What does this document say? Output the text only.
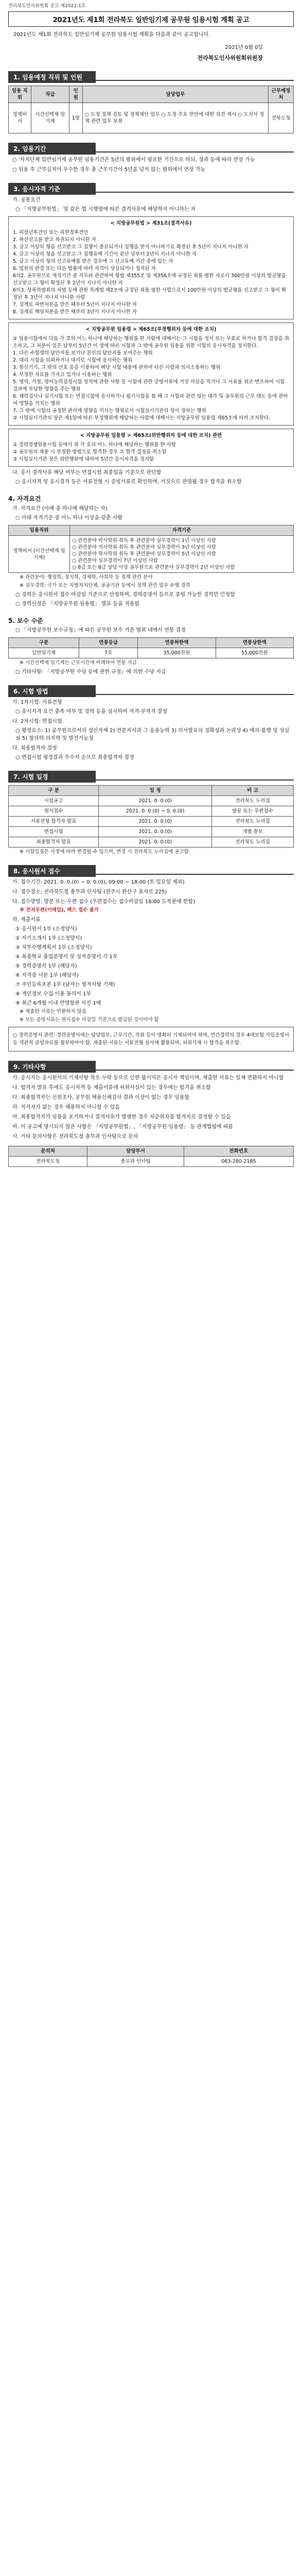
전라북도인사위원회 공고 제2021-1호
2021년도 제1회 전라북도 일반임기제 공무원 임용시험 계획 공고
2021년도 제1회 전라북도 일반임기제 공무원 임용시험 계획을 다음과 같이 공고합니다.
2021년 0월 0일
전라북도인사위원회위원장
1. 임용예정 직위 및 인원
임용 직위	직급	인원	담당업무	근무예정처
정책비서	시간선택제 임기제	1명	○ 도정 정책 검토 및 정책제안 업무 ○ 도정 주요 현안에 대한 의견 제시 ○ 도지사 정책 관련 업무 보좌	전북도청
2. 임용기간
○ '자치단체 일반임기제 공무원 임용기간은 5년의 범위에서 필요한 기간으로 하되, 성과 등에 따라 연장 가능
○ 임용 후 근무실적이 우수한 경우 총 근무기간이 5년을 넘지 않는 범위에서 연장 가능
3. 응시자격 기준
가. 공통요건
○ 「지방공무원법」 및 같은 법 시행령에 따른 결격사유에 해당하지 아니하는 자
< 지방공무원법 > 제31조(결격사유)
1. 피성년후견인 또는 피한정후견인
2. 파산선고를 받고 복권되지 아니한 자
3. 금고 이상의 형을 선고받고 그 집행이 종료되거나 집행을 받지 아니하기로 확정된 후 5년이 지나지 아니한 자
4. 금고 이상의 형을 선고받고 그 집행유예 기간이 끝난 날부터 2년이 지나지 아니한 자
5. 금고 이상의 형의 선고유예를 받은 경우에 그 선고유예 기간 중에 있는 자
6. 법원의 판결 또는 다른 법률에 따라 자격이 상실되거나 정지된 자
6의2. 공무원으로 재직기간 중 직무와 관련하여 형법 제355조 및 제356조에 규정된 죄를 범한 자로서 300만원 이상의 벌금형을 선고받고 그 형이 확정된 후 2년이 지나지 아니한 자
6의3. 성폭력범죄의 처벌 등에 관한 특례법 제2조에 규정된 죄를 범한 사람으로서 100만원 이상의 벌금형을 선고받고 그 형이 확정된 후 3년이 지나지 아니한 사람
7. 징계로 파면처분을 받은 때부터 5년이 지나지 아니한 자
8. 징계로 해임처분을 받은 때부터 3년이 지나지 아니한 자
< 지방공무원 임용령 > 제65조(부정행위자 등에 대한 조치)
① 임용시험에서 다음 각 호의 어느 하나에 해당하는 행위를 한 사람에 대해서는 그 시험을 정지 또는 무효로 하거나 합격 결정을 취소하고, 그 처분이 있은 날부터 5년간 이 영에 따른 시험과 그 밖에 공무원 임용을 위한 시험의 응시자격을 정지한다.
1. 다른 수험생의 답안지를 보거나 본인의 답안지를 보여주는 행위
2. 대리 시험을 의뢰하거나 대리로 시험에 응시하는 행위
3. 통신기기, 그 밖의 신호 등을 이용하여 해당 시험 내용에 관하여 다른 사람과 의사소통하는 행위
4. 부정한 자료를 가지고 있거나 이용하는 행위
5. 병역, 가점, 영어능력검정시험 성적에 관한 사항 등 시험에 관한 증명서류에 거짓 사실을 적거나 그 서류를 위조·변조하여 시험결과에 부당한 영향을 주는 행위
6. 체력검사나 실기시험 또는 면접시험에 응시하거나 필기시험을 볼 때 그 시험과 관련 있는 대가 및 공무원의 근무 태도 등에 관하여 영향을 끼치는 행위
7. 그 밖에 시험의 공정한 관리에 영향을 끼치는 행위로서 시험실시기관의 장이 정하는 행위
② 시험실시기관의 장은 제1항에 따른 부정행위에 해당하는 사람에 대해서는 지방공무원 임용령 제65조에 따라 조치한다.
< 지방공무원 임용령 > 제65조(위반행위자 등에 대한 조치) 관련
① 경력경쟁임용시험 등에서 위 각 호의 어느 하나에 해당하는 행위를 한 사람
② 공무원의 채용 시 부정한 방법으로 합격한 경우 그 합격 결정을 취소함
③ 시험실시기관 장은 위반행위에 대하여 5년간 응시자격을 정지함
나. 응시 결격사유 해당 여부는 면접시험 최종일을 기준으로 판단함
○ 응시자격 및 응시결격 등은 서류전형 시 증빙서류로 확인하며, 거짓으로 판명될 경우 합격을 취소함
4. 자격요건
가. 자격요건 (아래 중 하나에 해당하는 자)
○ 아래 자격기준 중 어느 하나 이상을 갖춘 사람
임용직위	자격기준
정책비서 (시간선택제 임기제)	○ 관련분야 박사학위 취득 후 관련분야 실무경력이 1년 이상인 사람
○ 관련분야 석사학위 취득 후 관련분야 실무경력이 3년 이상인 사람
○ 관련분야 학사학위 취득 후 관련분야 실무경력이 5년 이상인 사람
○ 관련분야 실무경력이 7년 이상인 사람
○ 8급 또는 8급 상당 이상 공무원으로 관련분야 실무경력이 2년 이상인 사람
※ 관련분야: 행정학, 정치학, 경제학, 사회학 등 정책 관련 분야
※ 실무경력: 국가 또는 지방자치단체, 공공기관 등에서 정책 관련 업무 수행 경력
○ 경력은 응시원서 접수 마감일 기준으로 산정하며, 경력증명서 등으로 증빙 가능한 경력만 인정함
○ 경력산정은 「지방공무원 임용령」 별표 등을 적용함
5. 보수 수준
○ 「지방공무원 보수규정」에 따른 공무원 보수 기준 범위 내에서 연봉 결정
구분	연봉등급	연봉하한액	연봉상한액
일반임기제	7호	35,000천원	55,000천원
※ 시간선택제 임기제는 근무시간에 비례하여 연봉 지급
○ 기타사항: 「지방공무원 수당 등에 관한 규정」에 의한 수당 지급
6. 시험 방법
가. 1차시험: 서류전형
○ 응시자격 요건 충족 여부 및 경력 등을 심사하여 적격·부적격 결정
나. 2차시험: 면접시험
○ 평정요소: 1) 공무원으로서의 정신자세 2) 전문지식과 그 응용능력 3) 의사발표의 정확성과 논리성 4) 예의·품행 및 성실성 5) 창의력·의지력 및 발전가능성
다. 최종합격자 결정
○ 면접시험 평정결과 우수자 순으로 최종합격자 결정
7. 시험 일정
구 분	일 정	비 고
시험공고	2021. 0. 0.(0)	전라북도 누리집
원서접수	2021. 0. 0.(0) ~ 0. 0.(0)	방문 또는 우편접수
서류전형 합격자 발표	2021. 0. 0.(0)	전라북도 누리집
면접시험	2021. 0. 0.(0)	개별 통보
최종합격자 발표	2021. 0. 0.(0)	전라북도 누리집
※ 시험일정은 사정에 따라 변경될 수 있으며, 변경 시 전라북도 누리집에 공고함
8. 응시원서 접수
가. 접수기간: 2021. 0. 0.(0) ~ 0. 0.(0), 09:00 ~ 18:00 (토·일요일 제외)
나. 접수장소: 전라북도청 총무과 인사팀 (전주시 완산구 효자로 225)
다. 접수방법: 방문 또는 우편 접수 (우편접수는 접수마감일 18:00 도착분에 한함)
※ 전자우편(이메일), 팩스 접수 불가
라. 제출서류
① 응시원서 1부 (소정양식)
② 자기소개서 1부 (소정양식)
③ 직무수행계획서 1부 (소정양식)
④ 최종학교 졸업증명서 및 성적증명서 각 1부
⑤ 경력증명서 1부 (해당자)
⑥ 자격증 사본 1부 (해당자)
⑦ 주민등록초본 1부 (남자는 병적사항 기재)
⑧ 개인정보 수집·이용 동의서 1부
⑨ 최근 6개월 이내 반명함판 사진 1매
※ 제출한 서류는 반환하지 않음
※ 모든 증빙서류는 원서접수 마감일 기준으로 발급된 것이어야 함
○ 경력증명서 관련: 경력증명서에는 담당업무, 근무기간, 직위 등이 명확히 기재되어야 하며, 민간경력의 경우 4대보험 가입증명서 등 객관적 증빙자료를 첨부하여야 함. 제출된 서류는 서류전형 심사에 활용되며, 허위기재 시 합격을 취소함.
9. 기타사항
가. 응시자는 응시원서의 기재사항 착오·누락 등으로 인한 불이익은 응시자 책임이며, 제출한 서류는 일체 반환하지 아니함
나. 합격자 발표 후에도 응시자격 등 제출서류에 허위사실이 있는 경우에는 합격을 취소함
다. 최종합격자는 신원조사, 공무원 채용신체검사 결과 이상이 없는 경우 임용함
라. 적격자가 없는 경우 채용하지 아니할 수 있음
마. 최종합격자가 임용을 포기하거나 결격사유가 발생한 경우 차순위자를 합격자로 결정할 수 있음
바. 이 공고에 명시되지 않은 사항은 「지방공무원법」, 「지방공무원 임용령」 등 관계법령에 따름
사. 기타 문의사항은 전라북도청 총무과 인사팀으로 문의
문의처	담당부서	전화번호
전라북도청	총무과 인사팀	063-280-2185
